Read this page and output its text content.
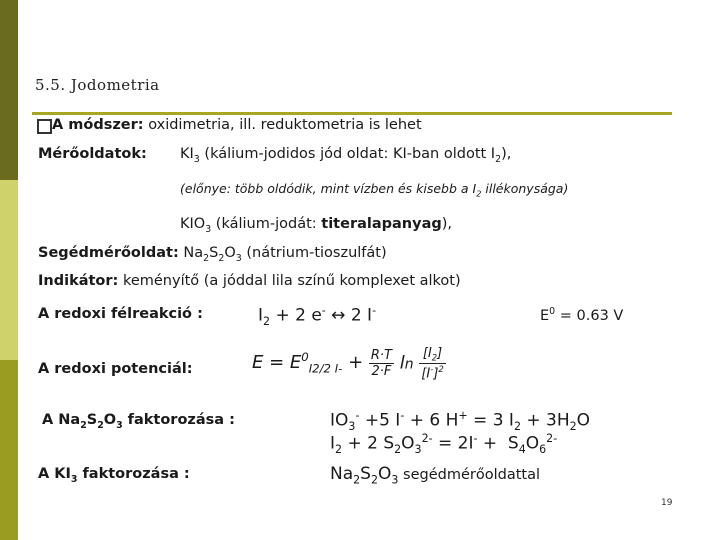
5.5. Jodometria
A módszer: oxidimetria, ill. reduktometria is lehet
Mérőoldatok: $KI_3$ (kálium-jodidos jód oldat: KI-ban oldott $I_2$),
(előnye: több oldódik, mint vízben és kisebb a $I_2$ illékonysága)
$KIO_3$ (kálium-jodát: titeralapanyag),
Segédmérőoldat: $Na_2S_2O_3$ (nátrium-tioszulfát)
Indikátor: keményítő (a jóddal lila színű komplexet alkot)
A redoxi félreakció :	$I_2 + 2$ e- ↔ 2 I-	$E^0 = 0.63$ V
A redoxi potenciál:	$E = E^0_{I2/2 I-} + \frac{R\cdot T}{2\cdot F}$ $\ln \frac{[I_2]}{[I^-]^2}$
A $Na_2S_2O_3$ faktorozása :	$IO_3^- +5$ I- + 6 H+ = 3 $I_2 + 3H_2O$
$I_2 + 2$ $S_2O_3^{2-} = 2I^- + S_4O_6^{2-}$
A $KI_3$ faktorozása :	$Na_2S_2O_3$ segédmérőoldattal
19
